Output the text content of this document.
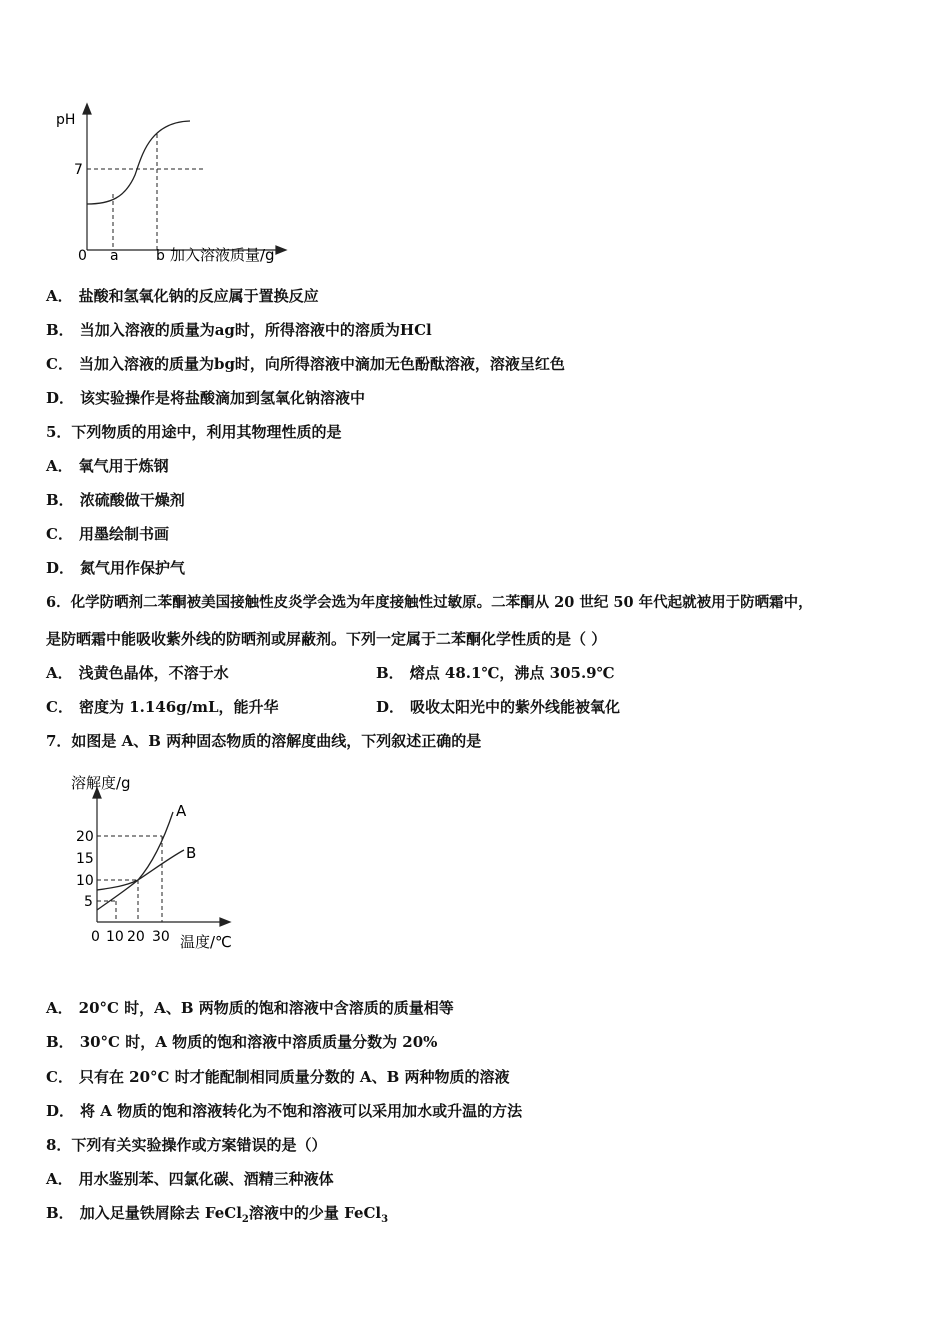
pH
7
0 a	b 加入溶液质量/g
A． 盐酸和氢氧化钠的反应属于置换反应
B． 当加入溶液的质量为ag时，所得溶液中的溶质为HCl
C． 当加入溶液的质量为bg时，向所得溶液中滴加无色酚酞溶液，溶液呈红色
D． 该实验操作是将盐酸滴加到氢氧化钠溶液中
5．下列物质的用途中，利用其物理性质的是
A． 氧气用于炼钢
B． 浓硫酸做干燥剂
C． 用墨绘制书画
D． 氮气用作保护气
6．化学防晒剂二苯酮被美国接触性皮炎学会选为年度接触性过敏原。二苯酮从 20 世纪 50 年代起就被用于防晒霜中，
是防晒霜中能吸收紫外线的防晒剂或屏蔽剂。下列一定属于二苯酮化学性质的是（ ）
A． 浅黄色晶体，不溶于水	B． 熔点 48.1℃，沸点 305.9℃
C． 密度为 1.146g/mL，能升华	D． 吸收太阳光中的紫外线能被氧化
7．如图是 A、B 两种固态物质的溶解度曲线，下列叙述正确的是
溶解度/g
A
B
20
15
10
5
0 10 20 30 温度/℃
A． 20°C 时，A、B 两物质的饱和溶液中含溶质的质量相等
B． 30°C 时，A 物质的饱和溶液中溶质质量分数为 20%
C． 只有在 20°C 时才能配制相同质量分数的 A、B 两种物质的溶液
D． 将 A 物质的饱和溶液转化为不饱和溶液可以采用加水或升温的方法
8．下列有关实验操作或方案错误的是（）
A． 用水鉴别苯、四氯化碳、酒精三种液体
B． 加入足量铁屑除去 FeCl$_2$溶液中的少量 FeCl$_3$
